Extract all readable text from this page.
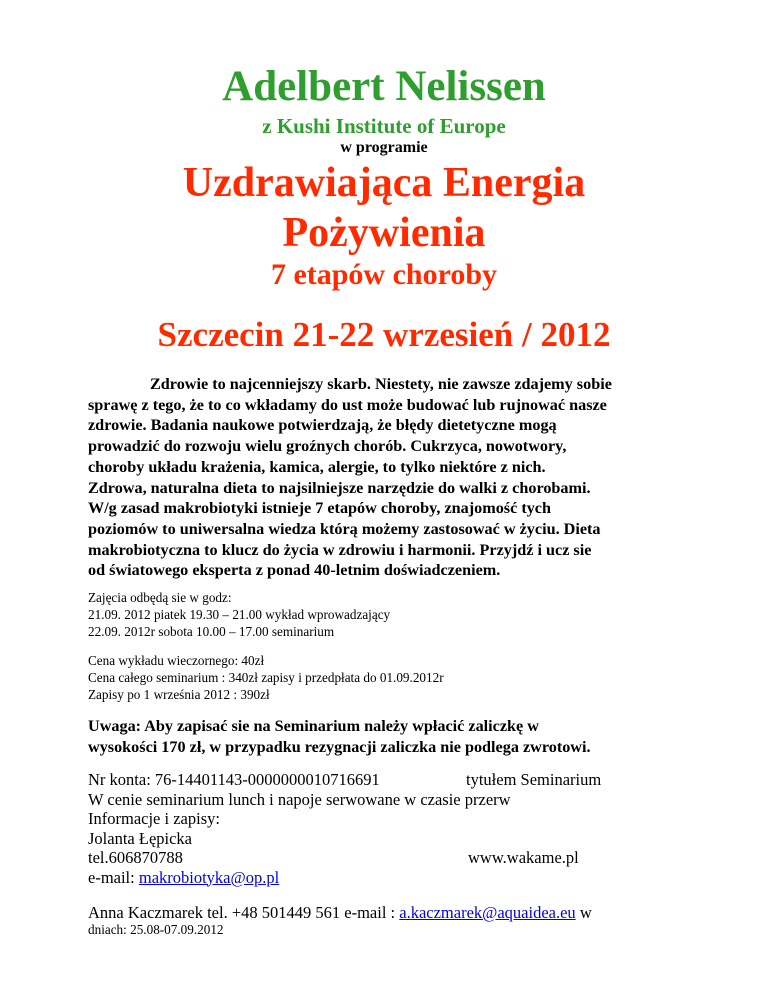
Adelbert Nelissen
z Kushi Institute of Europe
w programie
Uzdrawiająca Energia
Pożywienia
7 etapów choroby
Szczecin 21-22 wrzesień / 2012
Zdrowie to najcenniejszy skarb. Niestety, nie zawsze zdajemy sobie
sprawę z tego, że to co wkładamy do ust może budować lub rujnować nasze
zdrowie. Badania naukowe potwierdzają, że błędy dietetyczne mogą
prowadzić do rozwoju wielu groźnych chorób. Cukrzyca, nowotwory,
choroby układu krażenia, kamica, alergie, to tylko niektóre z nich.
Zdrowa, naturalna dieta to najsilniejsze narzędzie do walki z chorobami.
W/g zasad makrobiotyki istnieje 7 etapów choroby, znajomość tych
poziomów to uniwersalna wiedza którą możemy zastosować w życiu. Dieta
makrobiotyczna to klucz do życia w zdrowiu i harmonii. Przyjdź i ucz sie
od światowego eksperta z ponad 40-letnim doświadczeniem.
Zajęcia odbędą sie w godz:
21.09. 2012 piatek 19.30 – 21.00 wykład wprowadzający
22.09. 2012r sobota 10.00 – 17.00 seminarium
Cena wykładu wieczornego: 40zł
Cena całego seminarium : 340zł zapisy i przedpłata do 01.09.2012r
Zapisy po 1 września 2012 : 390zł
Uwaga: Aby zapisać sie na Seminarium należy wpłacić zaliczkę w
wysokości 170 zł, w przypadku rezygnacji zaliczka nie podlega zwrotowi.
Nr konta: 76-14401143-0000000010716691	tytułem Seminarium
W cenie seminarium lunch i napoje serwowane w czasie przerw
Informacje i zapisy:
Jolanta Łępicka
tel.606870788	www.wakame.pl
e-mail: makrobiotyka@op.pl
Anna Kaczmarek tel. +48 501449 561 e-mail : a.kaczmarek@aquaidea.eu w
dniach: 25.08-07.09.2012
